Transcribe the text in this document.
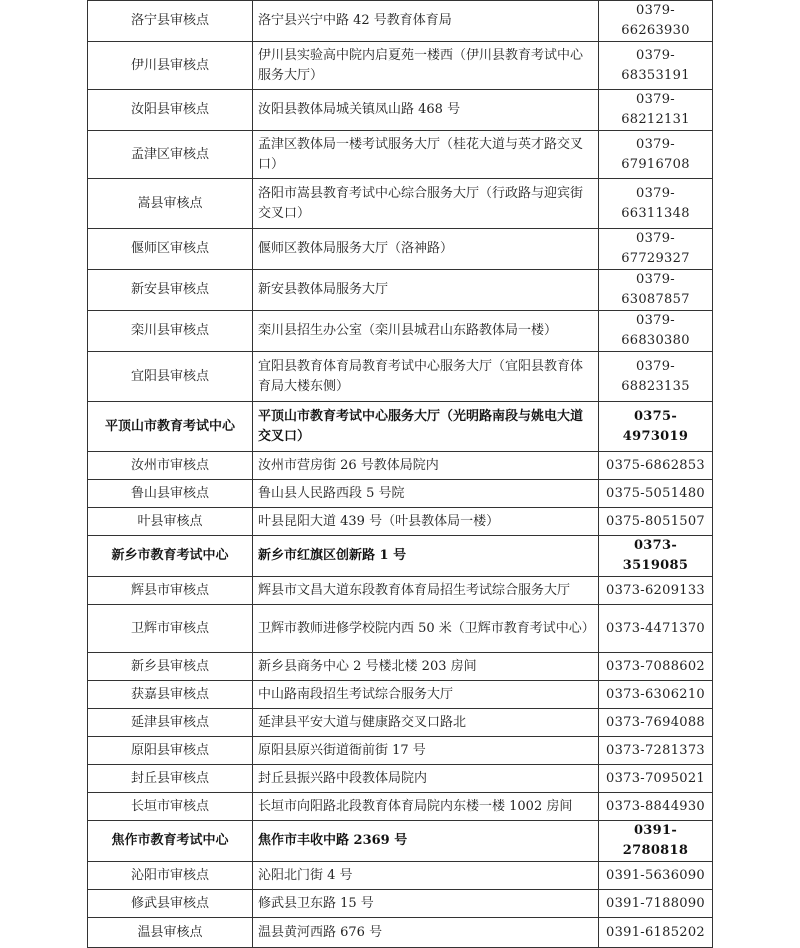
洛宁县审核点	洛宁县兴宁中路 42 号教育体育局	0379-66263930
伊川县审核点	伊川县实验高中院内启夏苑一楼西（伊川县教育考试中心服务大厅）	0379-68353191
汝阳县审核点	汝阳县教体局城关镇凤山路 468 号	0379-68212131
孟津区审核点	孟津区教体局一楼考试服务大厅（桂花大道与英才路交叉口）	0379-67916708
嵩县审核点	洛阳市嵩县教育考试中心综合服务大厅（行政路与迎宾街交叉口）	0379-66311348
偃师区审核点	偃师区教体局服务大厅（洛神路）	0379-67729327
新安县审核点	新安县教体局服务大厅	0379-63087857
栾川县审核点	栾川县招生办公室（栾川县城君山东路教体局一楼）	0379-66830380
宜阳县审核点	宜阳县教育体育局教育考试中心服务大厅（宜阳县教育体育局大楼东侧）	0379-68823135
平顶山市教育考试中心	平顶山市教育考试中心服务大厅（光明路南段与姚电大道交叉口）	0375-4973019
汝州市审核点	汝州市营房街 26 号教体局院内	0375-6862853
鲁山县审核点	鲁山县人民路西段 5 号院	0375-5051480
叶县审核点	叶县昆阳大道 439 号（叶县教体局一楼）	0375-8051507
新乡市教育考试中心	新乡市红旗区创新路 1 号	0373-3519085
辉县市审核点	辉县市文昌大道东段教育体育局招生考试综合服务大厅	0373-6209133
卫辉市审核点	卫辉市教师进修学校院内西 50 米（卫辉市教育考试中心）	0373-4471370
新乡县审核点	新乡县商务中心 2 号楼北楼 203 房间	0373-7088602
获嘉县审核点	中山路南段招生考试综合服务大厅	0373-6306210
延津县审核点	延津县平安大道与健康路交叉口路北	0373-7694088
原阳县审核点	原阳县原兴街道衙前街 17 号	0373-7281373
封丘县审核点	封丘县振兴路中段教体局院内	0373-7095021
长垣市审核点	长垣市向阳路北段教育体育局院内东楼一楼 1002 房间	0373-8844930
焦作市教育考试中心	焦作市丰收中路 2369 号	0391-2780818
沁阳市审核点	沁阳北门街 4 号	0391-5636090
修武县审核点	修武县卫东路 15 号	0391-7188090
温县审核点	温县黄河西路 676 号	0391-6185202
